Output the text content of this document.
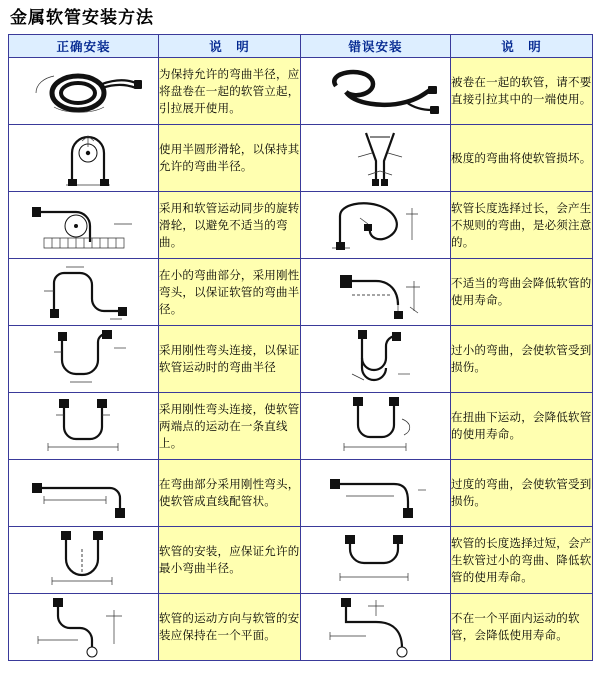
金属软管安装方法
正确安装	说　明	错误安装	说　明

	为保持允许的弯曲半径，应将盘卷在一起的软管立起，引拉展开使用。		被卷在一起的软管，请不要直接引拉其中的一端使用。

	使用半圆形滑轮，以保持其允许的弯曲半径。		极度的弯曲将使软管损坏。

	采用和软管运动同步的旋转滑轮，以避免不适当的弯曲。		软管长度选择过长，会产生不规则的弯曲，是必须注意的。

	在小的弯曲部分，采用刚性弯头，以保证软管的弯曲半径。		不适当的弯曲会降低软管的使用寿命。

	采用刚性弯头连接，以保证软管运动时的弯曲半径		过小的弯曲，会使软管受到损伤。

	采用刚性弯头连接，使软管两端点的运动在一条直线上。		在扭曲下运动，会降低软管的使用寿命。

	在弯曲部分采用刚性弯头，使软管成直线配管状。		过度的弯曲，会使软管受到损伤。

	软管的安装，应保证允许的最小弯曲半径。		软管的长度选择过短，会产生软管过小的弯曲、降低软管的使用寿命。

	软管的运动方向与软管的安装应保持在一个平面。		不在一个平面内运动的软管，会降低使用寿命。
